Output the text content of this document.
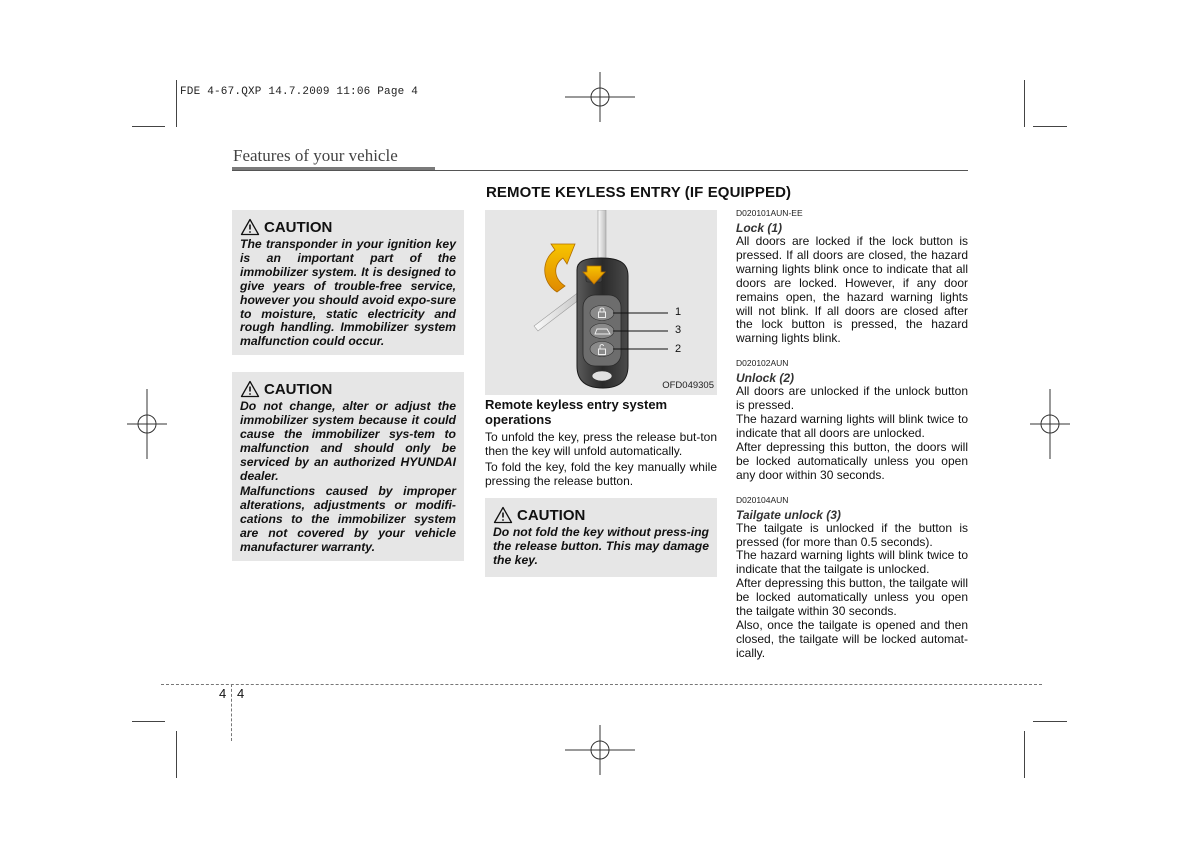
FDE 4-67.QXP 14.7.2009 11:06 Page 4
Features of your vehicle
REMOTE KEYLESS ENTRY (IF EQUIPPED)
CAUTION
The transponder in your ignition key is an important part of the immobilizer system. It is designed to give years of trouble-free service, however you should avoid expo-sure to moisture, static electricity and rough handling. Immobilizer system malfunction could occur.
CAUTION

Do not change, alter or adjust the immobilizer system because it could cause the immobilizer sys-tem to malfunction and should only be serviced by an authorized HYUNDAI dealer.

Malfunctions caused by improper alterations, adjustments or modifi-cations to the immobilizer system are not covered by your vehicle manufacturer warranty.

1
3
2
OFD049305
Remote keyless entry system operations

To unfold the key, press the release but-ton then the key will unfold automatically.

To fold the key, fold the key manually while pressing the release button.

CAUTION
Do not fold the key without press-ing the release button. This may damage the key.
D020101AUN-EE
Lock (1)

All doors are locked if the lock button is pressed. If all doors are closed, the hazard warning lights blink once to indicate that all doors are locked. However, if any door remains open, the hazard warning lights will not blink. If all doors are closed after the lock button is pressed, the hazard warning lights blink.

D020102AUN
Unlock (2)

All doors are unlocked if the unlock button is pressed.

The hazard warning lights will blink twice to indicate that all doors are unlocked.

After depressing this button, the doors will be locked automatically unless you open any door within 30 seconds.

D020104AUN
Tailgate unlock (3)

The tailgate is unlocked if the button is pressed (for more than 0.5 seconds).

The hazard warning lights will blink twice to indicate that the tailgate is unlocked.

After depressing this button, the tailgate will be locked automatically unless you open the tailgate within 30 seconds.

Also, once the tailgate is opened and then closed, the tailgate will be locked automat-ically.

4 4
